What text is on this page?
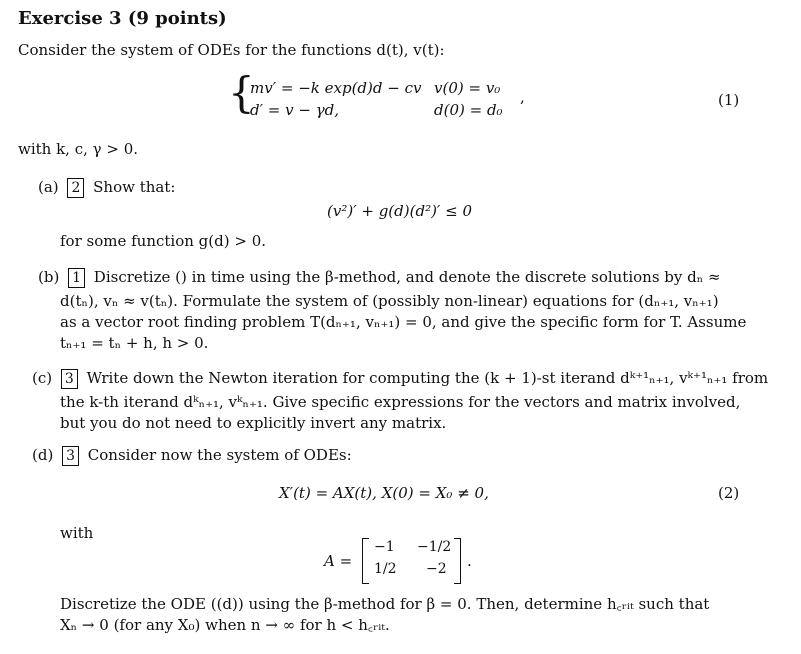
Exercise 3 (9 points)
Consider the system of ODEs for the functions d(t), v(t):
{
mv′ = −k exp(d)d − cv v(0) = v₀
d′ = v − γd,	d(0) = d₀
,	(1)
with k, c, γ > 0.
(a) 2 Show that:
(v²)′ + g(d)(d²)′ ≤ 0
for some function g(d) > 0.
(b) 1 Discretize () in time using the β-method, and denote the discrete solutions by dₙ ≈
d(tₙ), vₙ ≈ v(tₙ). Formulate the system of (possibly non-linear) equations for (dₙ₊₁, vₙ₊₁)
as a vector root finding problem T(dₙ₊₁, vₙ₊₁) = 0, and give the specific form for T. Assume
tₙ₊₁ = tₙ + h, h > 0.
(c) 3 Write down the Newton iteration for computing the (k + 1)-st iterand dᵏ⁺¹ₙ₊₁, vᵏ⁺¹ₙ₊₁ from
the k-th iterand dᵏₙ₊₁, vᵏₙ₊₁. Give specific expressions for the vectors and matrix involved,
but you do not need to explicitly invert any matrix.
(d) 3 Consider now the system of ODEs:
X′(t) = AX(t), X(0) = X₀ ≠ 0,	(2)
with
A =
−1 −1/2
1/2 −2 .
Discretize the ODE ((d)) using the β-method for β = 0. Then, determine h꜀ᵣᵢₜ such that
Xₙ → 0 (for any X₀) when n → ∞ for h < h꜀ᵣᵢₜ.
